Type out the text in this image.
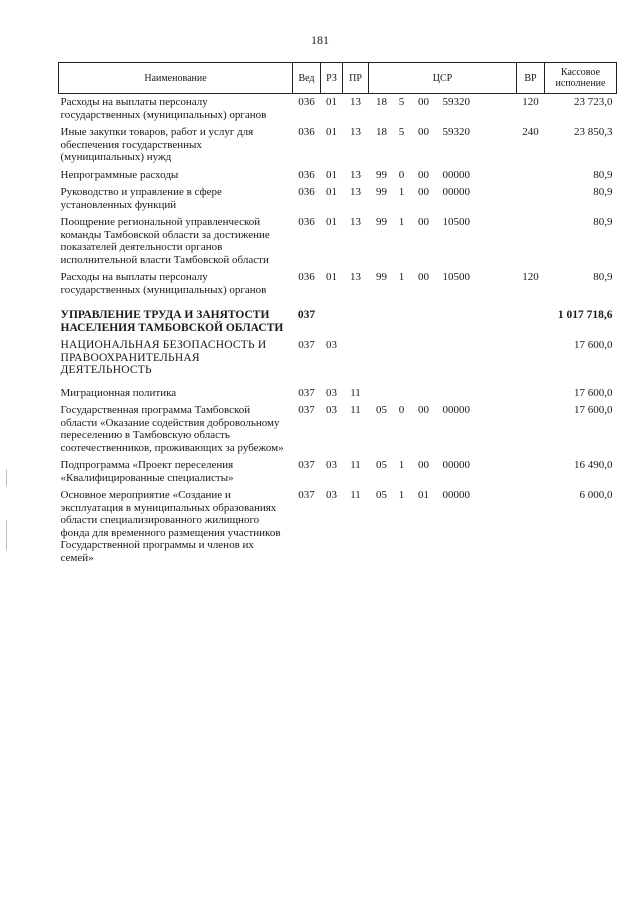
181
Наименование	Вед	РЗ	ПР	ЦСР	ВР	Кассовое исполнение
Расходы на выплаты персоналу государственных (муниципальных) органов	036	01	13	18 5 00 59320	120	23 723,0
Иные закупки товаров, работ и услуг для обеспечения государственных (муниципальных) нужд	036	01	13	18 5 00 59320	240	23 850,3
Непрограммные расходы	036	01	13	99 0 00 00000		80,9
Руководство и управление в сфере установленных функций	036	01	13	99 1 00 00000		80,9
Поощрение региональной управленческой команды Тамбовской области за достижение показателей деятельности органов исполнительной власти Тамбовской области	036	01	13	99 1 00 10500		80,9
Расходы на выплаты персоналу государственных (муниципальных) органов	036	01	13	99 1 00 10500	120	80,9
УПРАВЛЕНИЕ ТРУДА И ЗАНЯТОСТИ НАСЕЛЕНИЯ ТАМБОВСКОЙ ОБЛАСТИ	037					1 017 718,6
НАЦИОНАЛЬНАЯ БЕЗОПАСНОСТЬ И ПРАВООХРАНИТЕЛЬНАЯ ДЕЯТЕЛЬНОСТЬ	037	03				17 600,0
Миграционная политика	037	03	11			17 600,0
Государственная программа Тамбовской области «Оказание содействия добровольному переселению в Тамбовскую область соотечественников, проживающих за рубежом»	037	03	11	05 0 00 00000		17 600,0
Подпрограмма «Проект переселения «Квалифицированные специалисты»	037	03	11	05 1 00 00000		16 490,0
Основное мероприятие «Создание и эксплуатация в муниципальных образованиях области специализированного жилищного фонда для временного размещения участников Государственной программы и членов их семей»	037	03	11	05 1 01 00000		6 000,0
